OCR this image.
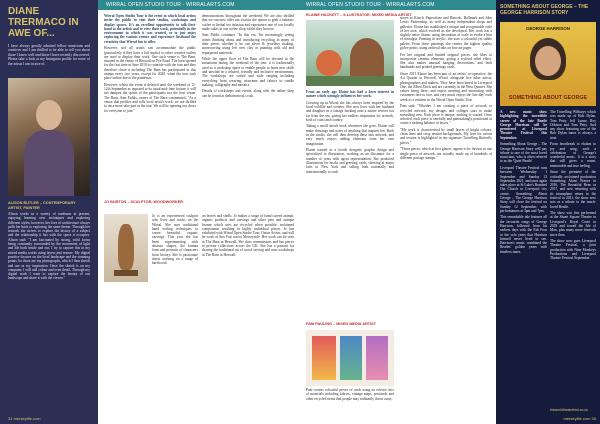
DIANE TRERMACO IN AWE OF...
I have always greatly admired fellow musicians and creatives and I am thrilled to be able to tell you about those I know well and those I have recently discovered. Please take a look at my Instagram profile for more of the artists I am in awe of.
ALISON BUTLER – CONTEMPORARY ARTIST, PAINTER
Alison works in a variety of mediums at present, enjoying learning new techniques and exploring different styles; however, her love of architecture always pulls her back to exploring the same theme. Through her artwork she strives to explore the history of a subject and the relationship it has with the space it occupies. Alison said: "I am fascinated by strong, solid forms being constantly surrounded by the movement of light and life both inside and out. I try to capture this in my mixed media works using layers and texture. My digital practice focuses on the local landscape and the stunning points for those are my photographs, which I then sketch and use as my inspiration. Once the sketch is on my computer, I will add colour and even detail. Through my digital work I want to capture the beauty of our landscape and share it with the viewer."
34 merseylife.com
WIRRAL OPEN STUDIO TOUR · WIRRALARTS.COM

Wirral Open Studio Tour is the event in which local artists invite the public to visit their studios, workshops and display spaces. It's an excellent opportunity to talk first-hand to the artists and to view their work, potentially in the environment in which it was created, or to just enjoy exploring the various venues and experience firsthand the creativity that Wirral has to offer.

However, not all artists can accommodate the public (particularly if they have a loft studio) so other creative outlets are used to display their work. One such venue is The Barn, situated in the centre of Heswall on Pye Road. The barn opened for the first time in June 2019 to coincide with the tour and they therefore chose it including The Barn has participated in this unique every two years, except for 2020, when the tour took place online due to the pandemic.

However, whilst the event is delayed until the weekend of 11-12th September as opposed to its usual mid-June fixture, it will not dampen the spirits of the participants nor the host venue. The Barn, Sam Fiddis, owner of The Barn commented, "As a venue that profiles and sells local artist's work, we are thrilled to once more take part in the tour. We will be opening our doors for everyone to join."

demonstrations throughout the weekend. We are also thrilled that we can now offer our visitors the option to grab a fantastic coffee or herbal tea infusion and experience one of our locally made cakes in our coffee shop whilst they browse.

Sam Fiddis continues "In this era, I'm increasingly seeing artists thinking about and introducing recycling in many of their pieces whether it be our silver & jewellery making, stonecarving using left over clay or painting with old and repurposed materials.

While the upper floor of The Barn will be devoted to the mountains during the weekend of the tour, it is traditionally used as a workshop space to enable people to learn new skills and unwind in a relaxed, friendly and inclusive environment. The workshops are varied and wide ranging including everything from weaving, macrame and fabrics to candle making, calligraphy and mosaics.

Details of workshops and events, along with the online shop can be found at thebarnwirral.co.uk.

JO BURTON – SCULPTOR, WOODWORKER
Jo is an experienced sculptor who lives and works on the Wirral. She uses traditional hand tooling techniques to create beautiful, organic carvings. This year she has been experimenting with abstract shapes, the human form and portraits of characters from history. She is passionate about working on a range of hardwood.
on leaves and shells. Jo makes a range of hand carved animal, organic products and carvings and other pets and antique bronze which uses are recycled when possible, reclaimed components resulting in highly individual pieces. Jo has exhibited with Wirral Open Studio Tour, Oxton Artists, and will be work at Arts Fair across Merseyside. Her work can be seen at The Barn in Heswall. She does commissions and has pieces in private collections across the UK. She has a passion for sharing the traditional art of wood carving and runs workshops at The Barn in Heswall.
WIRRAL OPEN STUDIO TOUR · WIRRALARTS.COM
ELAINE HACKETT – ILLUSTRATOR, MIXED MEDIA ARTIST

From an early age Elaine has had a keen interest in nature which strongly influences her work.

Growing up in Wirral she has always been inspired by the local wildlife and scenery. She now lives with her husband and daughter in a cottage backing onto a nature reserve not far from the sea, giving her endless inspiration for artwork, both of coast and country.

Taking a small sketch book whenever she goes, Elaine will make drawings and notes of anything that inspires her. Back in the studio, she will then develop these into artwork, and very much enjoys adding elements from her own imagination.

Elaine trained as a textile designer, graphic design and specialised in illustration, working as an illustrator for a number of years with agent representation. She produced illustrations for books and greeting cards, showing at major fairs in New York and selling both nationally and internationally to such

PAM PAULING – MIXED MEDIA ARTIST
Pam creates colourful pieces of work using an eclectic mix of materials including fabrics, vintage maps, postcards and other recycled items that people may ordinarily throw away.

stores as Kitsch, Paperchase and Harrods. Hallmark and John Lewis Partnership, as well as many independent shops and galleries. Elaine has established a unique and recognisable style of her own, which evolved as she developed. Her work has a slightly naive charm, using decoration of scale to evoke a hint of nostalgia. Painting in acrylic, she uses a colourful yet subtle palette. From these paintings she creates the highest quality giclee prints, using archival inks on fine art paper.

For her original and limited original pieces, she likes to incorporate ceramic elements, giving a stylised relief effect. She also makes unusual hanging decorations, and both handmade and printed greetings cards.

Since 2015 Elaine has been part of an artists' co-operative, the Art Quarter in Heswall, Wirral, alongside five other artists, photographers and makers. They have been based in Liverpool One, the Albert Dock and are currently in the West Quarter. She values being there, and enjoys meeting and interacting with customers face to face, and very much enjoys the 'one day' each week as a resident in the Wirral Open Studio Tour.

Pam said: "Whether I am creating a piece of artwork or recycled artwork, my designs and collages start to make something new. Each piece is unique, nothing is wasted. Once selected, each piece is carefully and painstakingly positioned to create a striking balance of layers."

"My work is characterised by small layers of bright colours, clean lines and crisp neutral backgrounds. My love for colour and texture is highlighted in my signature Travelling Butterfly pieces."

"These pieces, which at first glance, appear to be thrown as one single piece of artwork, are actually made up of hundreds of different postage stamps."

SOMETHING ABOUT GEORGE – THE GEORGE HARRISON STORY
GEORGE HARRISON
SOMETHING ABOUT GEORGE

A new music show highlighting the incredible career of the late Beatle George Harrison will be premiered at Liverpool Theatre Festival this September.

Something About George – The George Harrison Story will pay tribute to one of the most loved musicians, who is often referred to as the 'Quiet Beatle'.

Liverpool Theatre Festival runs between Wednesday 1 September and Sunday 12 September 2021, and once again takes place at St Luke's Bombed Out Church in Liverpool city centre. Something About George – The George Harrison Story will close the festival on Sunday 12 September, with performances at 3pm and 7pm.

This remarkable tale features all the favourite songs of George Harrison, followed from his earliest days with the Fab Four to the solo years that Harrison himself never lived to see. Harrison's music combined the Beatles' golden years with timeless tunes.

The Travelling Wilburys which was made up of Bob Dylan, Tom Petty, Jeff Lynne, Roy Orbison and Tom Petty. And any show featuring one of the Bob Dylan tunes is always a treat.

From heartbreak to elation to joy and song, such a celebration of George's wonderful music. It is a story that still gives a warm, memorable and true feeling.

Since the premiere of the critically acclaimed production Something About Breeze in 2016, The Beautiful Bens in 2017, and now returning with its triumphant return to the festival in 2021, the show now acts as a tribute to the much-loved Beatle.

The show was first performed at the Stuart Square Theatre in Liverpool's Royal Court in 2018 and toured the Isle of Man, plus many more festivals since then.

The show now goes Liverpool Theatre Festival, a joint production with Nine Monkeys Productions and Liverpool Theatre Festival September.

theworldtheatrefest.co.uk
merseylife.com 35
